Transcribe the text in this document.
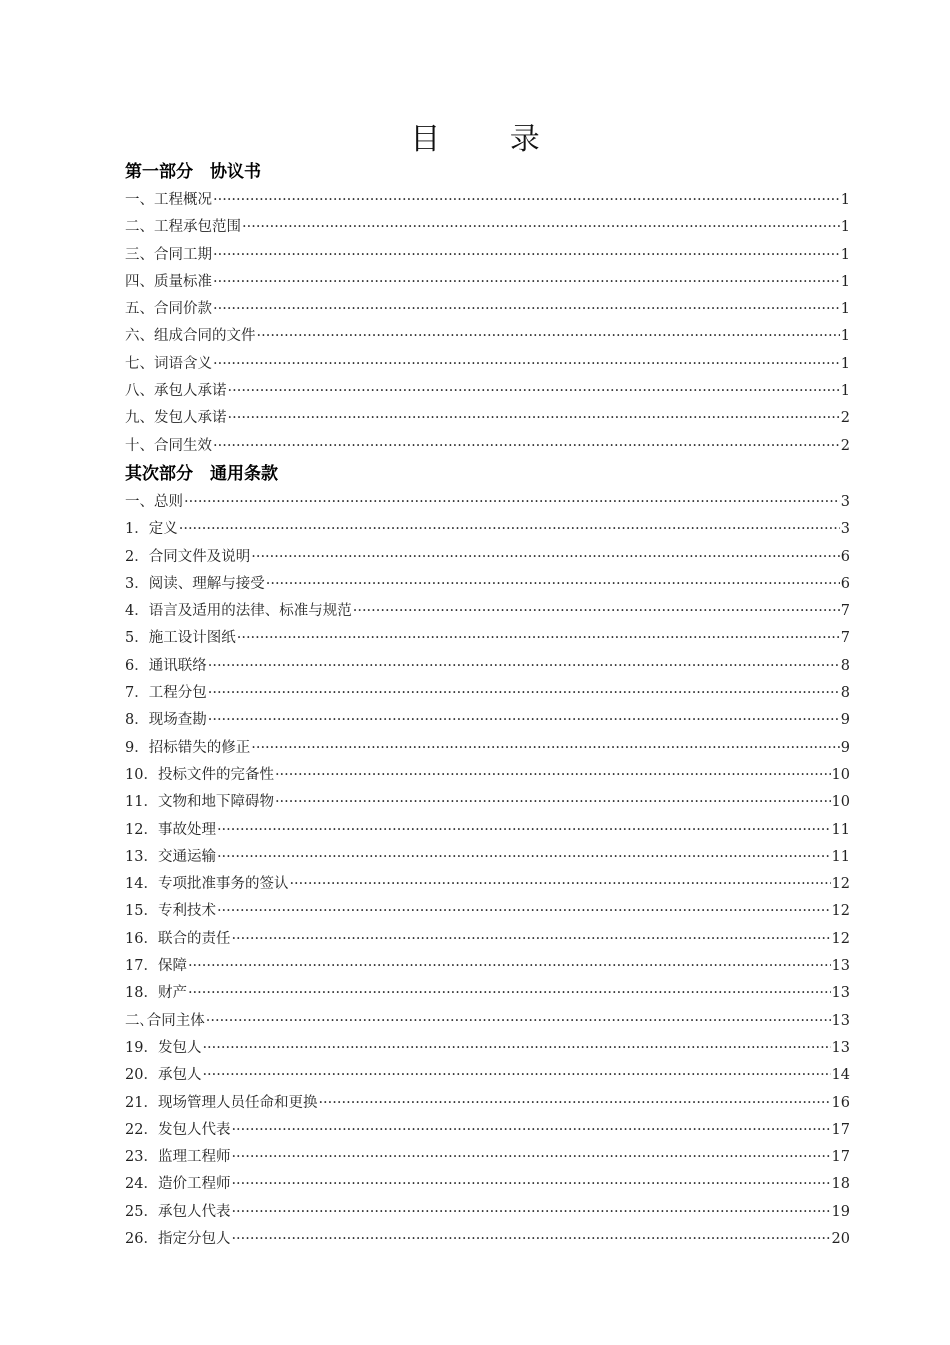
目 录
第一部分　协议书
一、工程概况 ·····	1
二、工程承包范围 ·····	1
三、合同工期 ·····	1
四、质量标准 ·····	1
五、合同价款 ·····	1
六、组成合同的文件 ·····	1
七、词语含义 ·····	1
八、承包人承诺 ·····	1
九、发包人承诺 ·····	2
十、合同生效 ·····	2
其次部分　通用条款
一、总则 ·····	3
1．定义 ·····	3
2．合同文件及说明 ·····	6
3．阅读、理解与接受 ·····	6
4．语言及适用的法律、标准与规范 ·····	7
5．施工设计图纸 ·····	7
6．通讯联络 ·····	8
7．工程分包 ·····	8
8．现场查勘 ·····	9
9．招标错失的修正 ·····	9
10．投标文件的完备性 ·····	10
11．文物和地下障碍物 ·····	10
12．事故处理 ·····	11
13．交通运输 ·····	11
14．专项批准事务的签认 ·····	12
15．专利技术 ·····	12
16．联合的责任 ·····	12
17．保障 ·····	13
18．财产 ·····	13
二､合同主体 ·····	13
19．发包人 ·····	13
20．承包人 ·····	14
21．现场管理人员任命和更换 ·····	16
22．发包人代表 ·····	17
23．监理工程师 ·····	17
24．造价工程师 ·····	18
25．承包人代表 ·····	19
26．指定分包人 ·····	20
